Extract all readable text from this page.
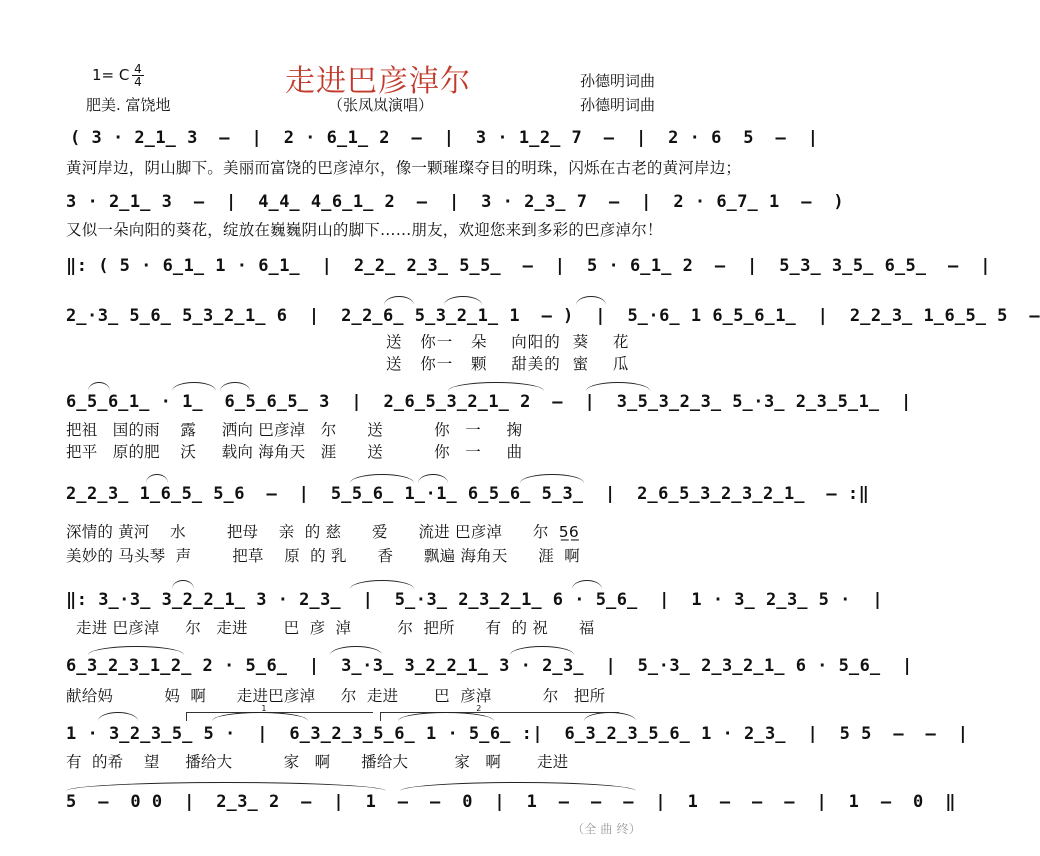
1= C 4
4
肥美. 富饶地
走进巴彦淖尔
（张凤岚演唱）
孙德明词曲
孙德明词曲
( 3 · 2̲1̲ 3  –  |  2 · 6̲1̲ 2  –  |  3 · 1̲2̲ 7  –  |  2 · 6  5  –  |
黄河岸边，阴山脚下。美丽而富饶的巴彦淖尔，像一颗璀璨夺目的明珠，闪烁在古老的黄河岸边；
3 · 2̲1̲ 3  –  |  4̲4̲ 4̲6̲1̲ 2  –  |  3 · 2̲3̲ 7  –  |  2 · 6̲7̲ 1  –  )
又似一朵向阳的葵花，绽放在巍巍阴山的脚下……朋友，欢迎您来到多彩的巴彦淖尔！
‖: ( 5 · 6̲1̲ 1 · 6̲1̲  |  2̲2̲ 2̲3̲ 5̲5̲  –  |  5 · 6̲1̲ 2  –  |  5̲3̲ 3̲5̲ 6̲5̲  –  |
2̲·3̲ 5̲6̲ 5̲3̲2̲1̲ 6  |  2̲2̲6̲ 5̲3̲2̲1̲ 1  – )  |  5̲·6̲ 1 6̲5̲6̲1̲  |  2̲2̲3̲ 1̲6̲5̲ 5  –
送   你一   朵    向阳的  葵    花
送   你一   颗    甜美的  蜜    瓜
6̲5̲6̲1̲ · 1̲  6̲5̲6̲5̲ 3  |  2̲6̲5̲3̲2̲1̲ 2  –  |  3̲5̲3̲2̲3̲ 5̲·3̲ 2̲3̲5̲1̲  |
把祖   国的雨    露     洒向 巴彦淖   尔      送          你   一     掬
把平   原的肥    沃     载向 海角天   涯      送          你   一     曲
2̲2̲3̲ 1̲6̲5̲ 5̲6  –  |  5̲5̲6̲ 1̲·1̲ 6̲5̲6̲ 5̲3̲  |  2̲6̲5̲3̲2̲3̲2̲1̲  – :‖
深情的 黄河    水        把母    亲  的 慈      爱      流进 巴彦淖      尔  5̲6̲
美妙的 马头琴  声        把草    原  的 乳      香      飘遍 海角天      涯  啊
‖: 3̲·3̲ 3̲2̲2̲1̲ 3 · 2̲3̲  |  5̲·3̲ 2̲3̲2̲1̲ 6 · 5̲6̲  |  1 · 3̲ 2̲3̲ 5 ·  |
走进 巴彦淖     尔   走进       巴  彦  淖         尔  把所      有  的 祝      福
6̲3̲2̲3̲1̲2̲ 2 · 5̲6̲  |  3̲·3̲ 3̲2̲2̲1̲ 3 · 2̲3̲  |  5̲·3̲ 2̲3̲2̲1̲ 6 · 5̲6̲  |
献给妈          妈  啊      走进巴彦淖     尔  走进       巴  彦淖          尔   把所
1	2
1 · 3̲2̲3̲5̲ 5 ·  |  6̲3̲2̲3̲5̲6̲ 1 · 5̲6̲ :|  6̲3̲2̲3̲5̲6̲ 1 · 2̲3̲  |  5 5  –  –  |
有  的希    望     播给大          家   啊      播给大         家   啊       走进
5  –  0 0  |  2̲3̲ 2  –  |  1  –  –  0  |  1  –  –  –  |  1  –  –  –  |  1  –  0  ‖
（全 曲 终）
